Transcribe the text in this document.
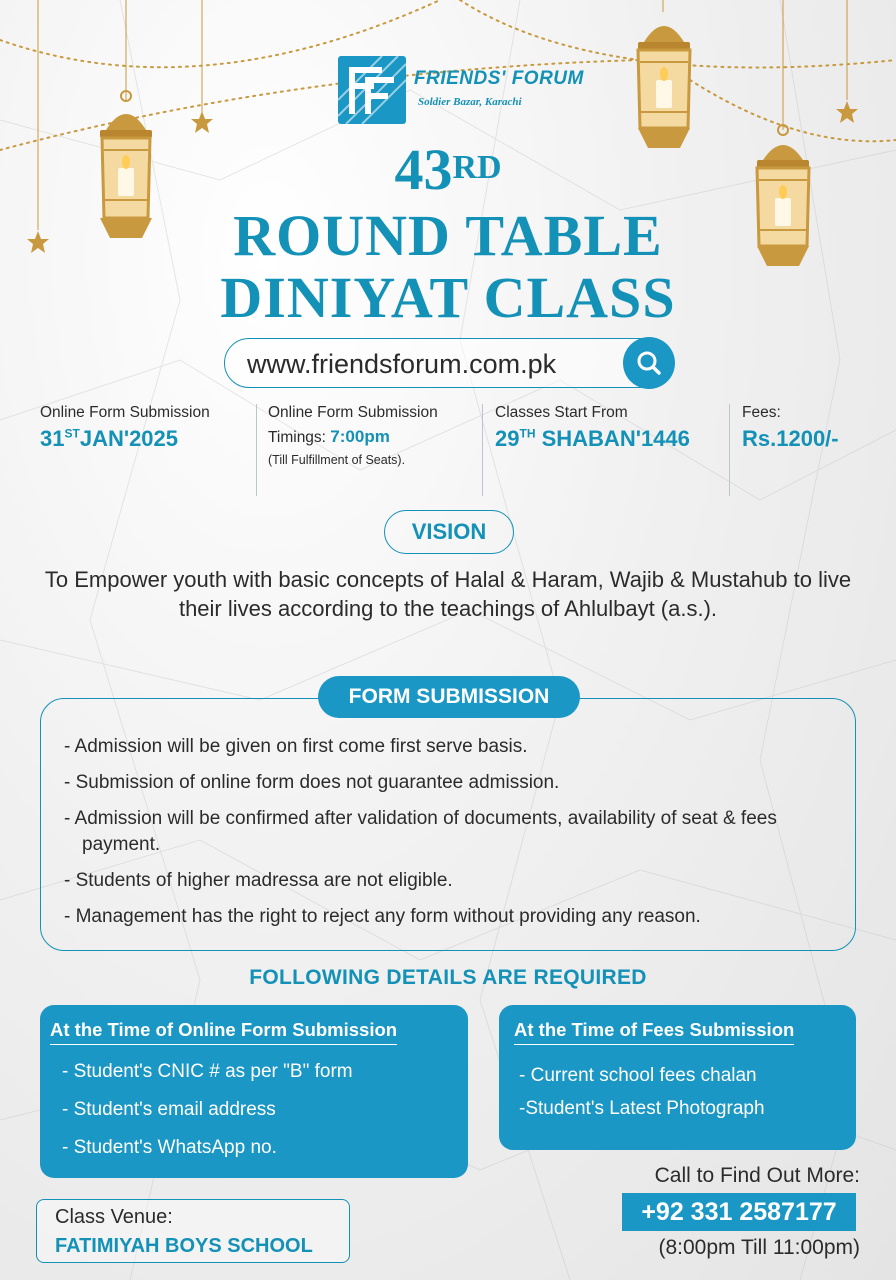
FRIENDS' FORUM
Soldier Bazar, Karachi
43RD
ROUND TABLE
DINIYAT CLASS
www.friendsforum.com.pk
Online Form Submission
31STJAN'2025
Online Form Submission
Timings: 7:00pm
(Till Fulfillment of Seats).
Classes Start From
29TH SHABAN'1446
Fees:
Rs.1200/-
VISION
To Empower youth with basic concepts of Halal & Haram, Wajib & Mustahub to live their lives according to the teachings of Ahlulbayt (a.s.).
FORM SUBMISSION
- Admission will be given on first come first serve basis.
- Submission of online form does not guarantee admission.
- Admission will be confirmed after validation of documents, availability of seat & fees payment.
- Students of higher madressa are not eligible.
- Management has the right to reject any form without providing any reason.
FOLLOWING DETAILS ARE REQUIRED
At the Time of Online Form Submission
- Student's CNIC # as per "B" form
- Student's email address
- Student's WhatsApp no.
At the Time of Fees Submission
- Current school fees chalan
-Student's Latest Photograph
Class Venue:
FATIMIYAH BOYS SCHOOL
Call to Find Out More:
+92 331 2587177
(8:00pm Till 11:00pm)
